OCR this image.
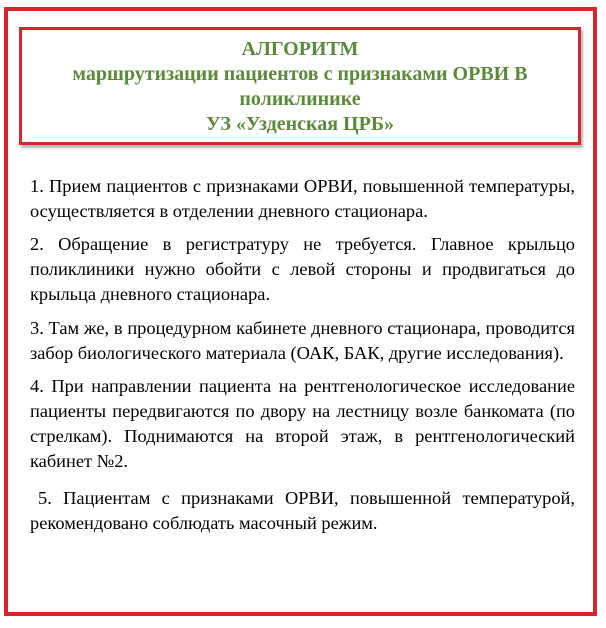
АЛГОРИТМ
маршрутизации пациентов с признаками ОРВИ В
поликлинике
УЗ «Узденская ЦРБ»

1. Прием пациентов с признаками ОРВИ, повышенной температуры, осуществляется в отделении дневного стационара.

2. Обращение в регистратуру не требуется. Главное крыльцо поликлиники нужно обойти с левой стороны и продвигаться до крыльца дневного стационара.

3. Там же, в процедурном кабинете дневного стационара, проводится забор биологического материала (ОАК, БАК, другие исследования).

4. При направлении пациента на рентгенологическое исследование пациенты передвигаются по двору на лестницу возле банкомата (по стрелкам). Поднимаются на второй этаж, в рентгенологический кабинет №2.

5. Пациентам с признаками ОРВИ, повышенной температурой, рекомендовано соблюдать масочный режим.
